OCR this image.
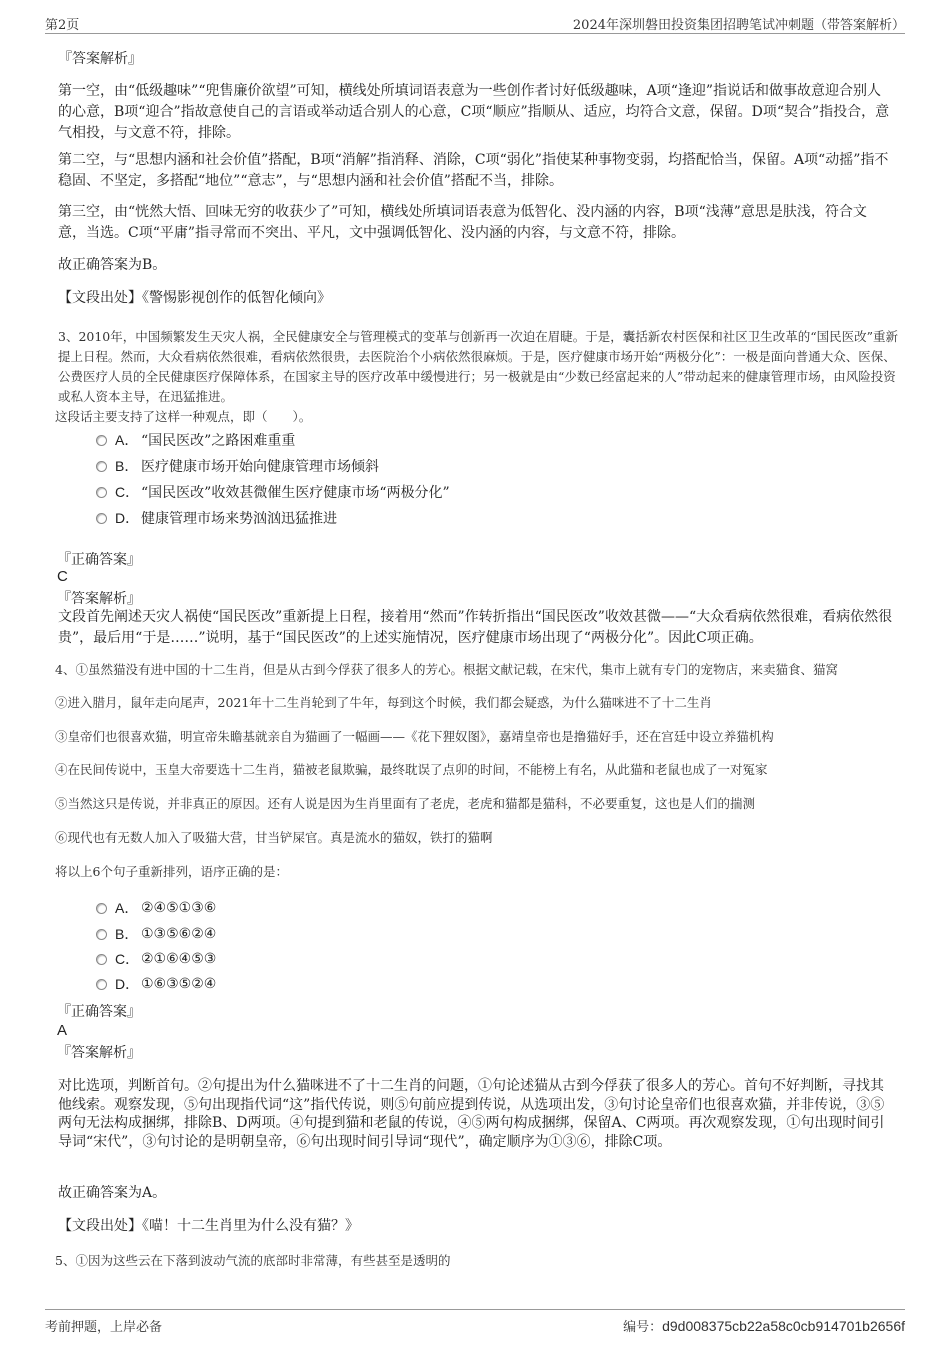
第2页	2024年深圳磐田投资集团招聘笔试冲刺题（带答案解析）

『答案解析』

第一空，由“低级趣味”“兜售廉价欲望”可知，横线处所填词语表意为一些创作者讨好低级趣味，A项“逢迎”指说话和做事故意迎合别人的心意，B项“迎合”指故意使自己的言语或举动适合别人的心意，C项“顺应”指顺从、适应，均符合文意，保留。D项“契合”指投合，意气相投，与文意不符，排除。

第二空，与“思想内涵和社会价值”搭配，B项“消解”指消释、消除，C项“弱化”指使某种事物变弱，均搭配恰当，保留。A项“动摇”指不稳固、不坚定，多搭配“地位”“意志”，与“思想内涵和社会价值”搭配不当，排除。

第三空，由“恍然大悟、回味无穷的收获少了”可知，横线处所填词语表意为低智化、没内涵的内容，B项“浅薄”意思是肤浅，符合文意，当选。C项“平庸”指寻常而不突出、平凡，文中强调低智化、没内涵的内容，与文意不符，排除。

故正确答案为B。

【文段出处】《警惕影视创作的低智化倾向》

3、2010年，中国频繁发生天灾人祸，全民健康安全与管理模式的变革与创新再一次迫在眉睫。于是，囊括新农村医保和社区卫生改革的“国民医改”重新提上日程。然而，大众看病依然很难，看病依然很贵，去医院治个小病依然很麻烦。于是，医疗健康市场开始“两极分化”：一极是面向普通大众、医保、公费医疗人员的全民健康医疗保障体系，在国家主导的医疗改革中缓慢进行；另一极就是由“少数已经富起来的人”带动起来的健康管理市场，由风险投资或私人资本主导，在迅猛推进。

这段话主要支持了这样一种观点，即（　　）。

A． “国民医改”之路困难重重
B． 医疗健康市场开始向健康管理市场倾斜
C． “国民医改”收效甚微催生医疗健康市场“两极分化”
D． 健康管理市场来势汹汹迅猛推进

『正确答案』

C

『答案解析』

文段首先阐述天灾人祸使“国民医改”重新提上日程，接着用“然而”作转折指出“国民医改”收效甚微——“大众看病依然很难，看病依然很贵”，最后用“于是……”说明，基于“国民医改”的上述实施情况，医疗健康市场出现了“两极分化”。因此C项正确。

4、①虽然猫没有进中国的十二生肖，但是从古到今俘获了很多人的芳心。根据文献记载，在宋代，集市上就有专门的宠物店，来卖猫食、猫窝

②进入腊月，鼠年走向尾声，2021年十二生肖轮到了牛年，每到这个时候，我们都会疑惑，为什么猫咪进不了十二生肖

③皇帝们也很喜欢猫，明宣帝朱瞻基就亲自为猫画了一幅画——《花下狸奴图》，嘉靖皇帝也是撸猫好手，还在宫廷中设立养猫机构

④在民间传说中，玉皇大帝要选十二生肖，猫被老鼠欺骗，最终耽误了点卯的时间，不能榜上有名，从此猫和老鼠也成了一对冤家

⑤当然这只是传说，并非真正的原因。还有人说是因为生肖里面有了老虎，老虎和猫都是猫科，不必要重复，这也是人们的揣测

⑥现代也有无数人加入了吸猫大营，甘当铲屎官。真是流水的猫奴，铁打的猫啊

将以上6个句子重新排列，语序正确的是：

A． ②④⑤①③⑥
B． ①③⑤⑥②④
C． ②①⑥④⑤③
D． ①⑥③⑤②④

『正确答案』

A

『答案解析』

对比选项，判断首句。②句提出为什么猫咪进不了十二生肖的问题，①句论述猫从古到今俘获了很多人的芳心。首句不好判断，寻找其他线索。观察发现，⑤句出现指代词“这”指代传说，则⑤句前应提到传说，从选项出发，③句讨论皇帝们也很喜欢猫，并非传说，③⑤两句无法构成捆绑，排除B、D两项。④句提到猫和老鼠的传说，④⑤两句构成捆绑，保留A、C两项。再次观察发现，①句出现时间引导词“宋代”，③句讨论的是明朝皇帝，⑥句出现时间引导词“现代”，确定顺序为①③⑥，排除C项。

故正确答案为A。

【文段出处】《喵！十二生肖里为什么没有猫？》

5、①因为这些云在下落到波动气流的底部时非常薄，有些甚至是透明的

考前押题，上岸必备	编号：d9d008375cb22a58c0cb914701b2656f
